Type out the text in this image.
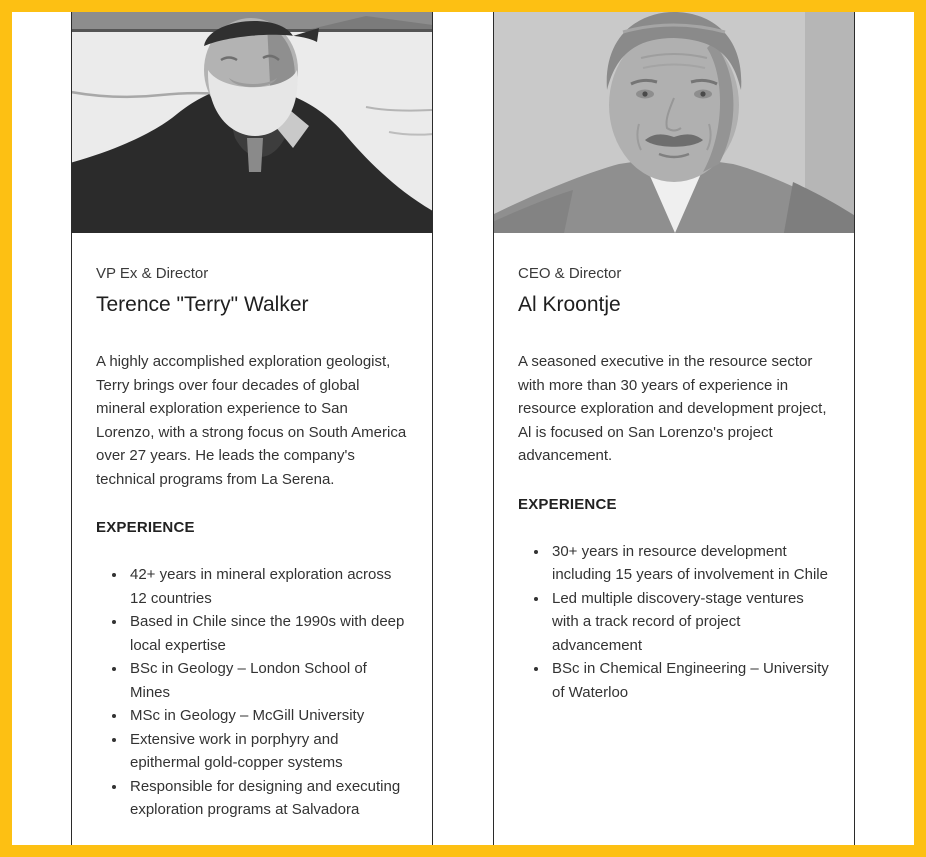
VP Ex & Director

Terence "Terry" Walker

A highly accomplished exploration geologist, Terry brings over four decades of global mineral exploration experience to San Lorenzo, with a strong focus on South America over 27 years. He leads the company's technical programs from La Serena.

EXPERIENCE
• 42+ years in mineral exploration across 12 countries
• Based in Chile since the 1990s with deep local expertise
• BSc in Geology – London School of Mines
• MSc in Geology – McGill University
• Extensive work in porphyry and epithermal gold-copper systems
• Responsible for designing and executing exploration programs at Salvadora

CEO & Director

Al Kroontje

A seasoned executive in the resource sector with more than 30 years of experience in resource exploration and development project, Al is focused on San Lorenzo's project advancement.

EXPERIENCE
• 30+ years in resource development including 15 years of involvement in Chile
• Led multiple discovery-stage ventures with a track record of project advancement
• BSc in Chemical Engineering – University of Waterloo
